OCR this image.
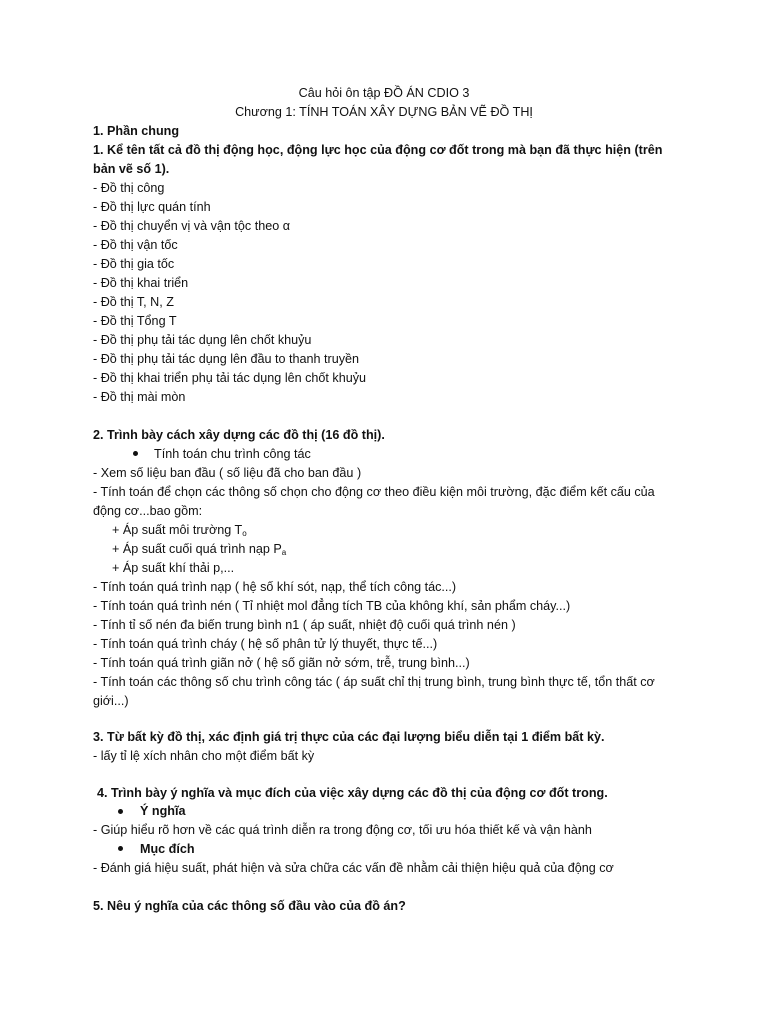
Câu hỏi ôn tập ĐỒ ÁN CDIO 3
Chương 1: TÍNH TOÁN XÂY DỰNG BẢN VẼ ĐỒ THỊ
1. Phần chung
1. Kể tên tất cả đồ thị động học, động lực học của động cơ đốt trong mà bạn đã thực hiện (trên
bản vẽ số 1).
- Đồ thị công
- Đồ thị lực quán tính
- Đồ thị chuyển vị và vận tộc theo α
- Đồ thị vận tốc
- Đồ thị gia tốc
- Đồ thị khai triển
- Đồ thị T, N, Z
- Đồ thị Tổng T
- Đồ thị phụ tải tác dụng lên chốt khuỷu
- Đồ thị phụ tải tác dụng lên đầu to thanh truyền
- Đồ thị khai triển phụ tải tác dụng lên chốt khuỷu
- Đồ thị mài mòn
2. Trình bày cách xây dựng các đồ thị (16 đồ thị).
Tính toán chu trình công tác
- Xem số liệu ban đầu ( số liệu đã cho ban đầu )
- Tính toán để chọn các thông số chọn cho động cơ theo điều kiện môi trường, đặc điểm kết cấu của
động cơ...bao gồm:
+ Áp suất môi trường $T_o$
+ Áp suất cuối quá trình nạp $P_a$
+ Áp suất khí thải p,...
- Tính toán quá trình nạp ( hệ số khí sót, nạp, thể tích công tác...)
- Tính toán quá trình nén ( Tỉ nhiệt mol đẳng tích TB của không khí, sản phẩm cháy...)
- Tính tỉ số nén đa biến trung bình n1 ( áp suất, nhiệt độ cuối quá trình nén )
- Tính toán quá trình cháy ( hệ số phân tử lý thuyết, thực tế...)
- Tính toán quá trình giãn nở ( hệ số giãn nở sớm, trễ, trung bình...)
- Tính toán các thông số chu trình công tác ( áp suất chỉ thị trung bình, trung bình thực tế, tổn thất cơ
giới...)
3. Từ bất kỳ đồ thị, xác định giá trị thực của các đại lượng biểu diễn tại 1 điểm bất kỳ.
- lấy tỉ lệ xích nhân cho một điểm bất kỳ
4. Trình bày ý nghĩa và mục đích của việc xây dựng các đồ thị của động cơ đốt trong.
Ý nghĩa
- Giúp hiểu rõ hơn về các quá trình diễn ra trong động cơ, tối ưu hóa thiết kế và vận hành
Mục đích
- Đánh giá hiệu suất, phát hiện và sửa chữa các vấn đề nhằm cải thiện hiệu quả của động cơ
5. Nêu ý nghĩa của các thông số đầu vào của đồ án?
